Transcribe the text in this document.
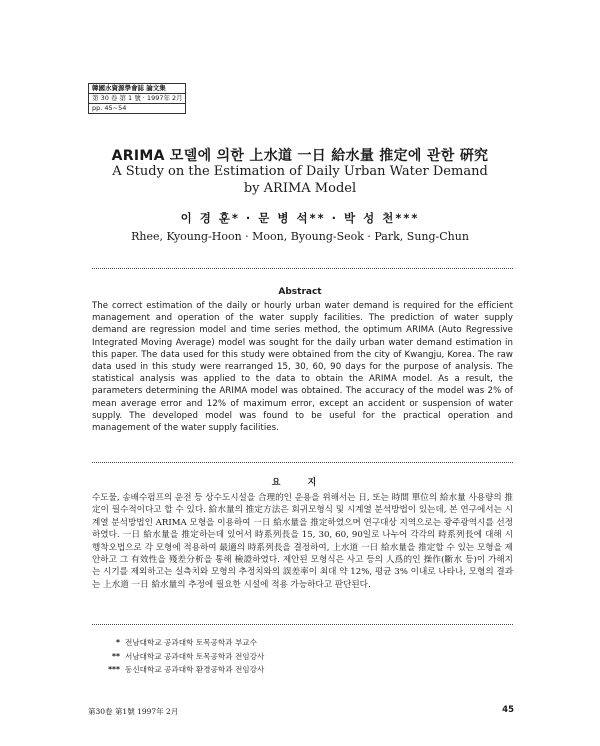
韓國水資源學會誌 論文集
第 30 卷 第 1 號 · 1997年 2月
pp. 45~54
ARIMA 모델에 의한 上水道 一日 給水量 推定에 관한 硏究
A Study on the Estimation of Daily Urban Water Demand
by ARIMA Model
이 경 훈* · 문 병 석** · 박 성 천***
Rhee, Kyoung-Hoon · Moon, Byoung-Seok · Park, Sung-Chun
Abstract

The correct estimation of the daily or hourly urban water demand is required for the efficient management and operation of the water supply facilities. The prediction of water supply demand are regression model and time series method, the optimum ARIMA (Auto Regressive Integrated Moving Average) model was sought for the daily urban water demand estimation in this paper. The data used for this study were obtained from the city of Kwangju, Korea. The raw data used in this study were rearranged 15, 30, 60, 90 days for the purpose of analysis. The statistical analysis was applied to the data to obtain the ARIMA model. As a result, the parameters determining the ARIMA model was obtained. The accuracy of the model was 2% of mean average error and 12% of maximum error, except an accident or suspension of water supply. The developed model was found to be useful for the practical operation and management of the water supply facilities.

요 지

수도물, 송배수펌프의 운전 등 상수도시설을 合理的인 운용을 위해서는 日, 또는 時間 單位의 給水量 사용량의 推定이 필수적이다고 할 수 있다. 給水量의 推定方法은 회귀모형식 및 시계열 분석방법이 있는데, 본 연구에서는 시계열 분석방법인 ARIMA 모형을 이용하여 一日 給水量을 推定하였으며 연구대상 지역으로는 광주광역시를 선정하였다. 一日 給水量을 推定하는데 있어서 時系列長을 15, 30, 60, 90일로 나누어 각각의 時系列長에 대해 시행착오법으로 각 모형에 적용하여 最適의 時系列長을 결정하여, 上水道 一日 給水量을 推定할 수 있는 모형을 제안하고 그 有效性을 殘差分析을 통해 檢證하였다. 제안된 모형식은 사고 등의 人爲的인 操作(斷水 등)이 가해지는 시기를 제외하고는 실측치와 모형의 추정치와의 誤差率이 최대 약 12%, 평균 3% 이내로 나타나, 모형의 결과는 上水道 一日 給水量의 추정에 필요한 시설에 적용 가능하다고 판단된다.

* 전남대학교 공과대학 토목공학과 부교수
** 서남대학교 공과대학 토목공학과 전임강사
*** 동신대학교 공과대학 환경공학과 전임강사
第30卷 第1號 1997年 2月	45
